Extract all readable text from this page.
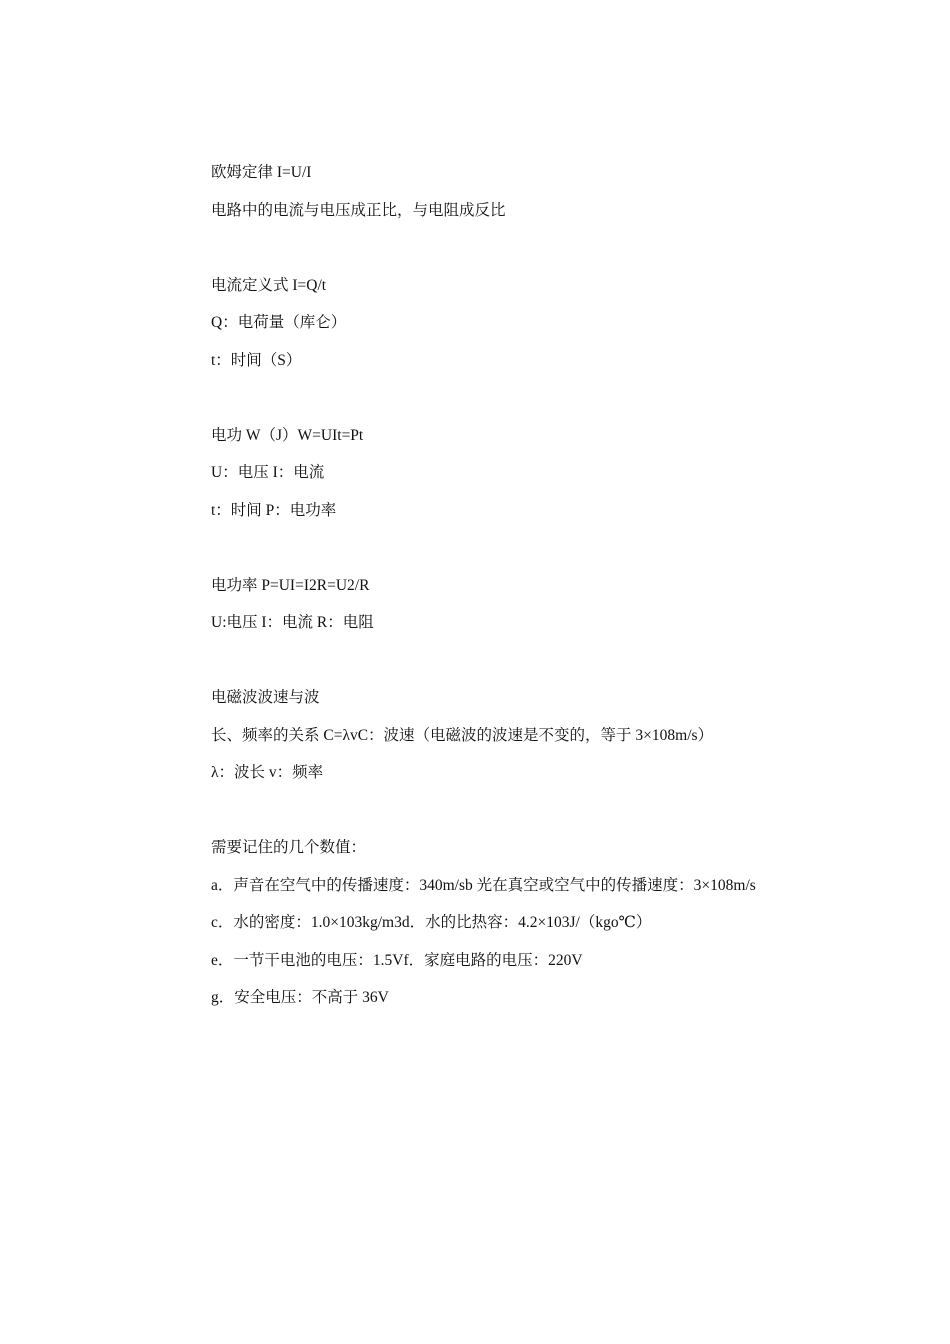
欧姆定律 I=U/I
电路中的电流与电压成正比，与电阻成反比
电流定义式 I=Q/t
Q：电荷量（库仑）
t：时间（S）
电功 W（J）W=UIt=Pt
U：电压 I：电流
t：时间 P：电功率
电功率 P=UI=I2R=U2/R
U:电压 I：电流 R：电阻
电磁波波速与波
长、频率的关系 C=λvC：波速（电磁波的波速是不变的，等于 3×108m/s）
λ：波长 v：频率
需要记住的几个数值：
a．声音在空气中的传播速度：340m/sb 光在真空或空气中的传播速度：3×108m/s
c．水的密度：1.0×103kg/m3d．水的比热容：4.2×103J/（kgo℃）
e．一节干电池的电压：1.5Vf．家庭电路的电压：220V
g．安全电压：不高于 36V
